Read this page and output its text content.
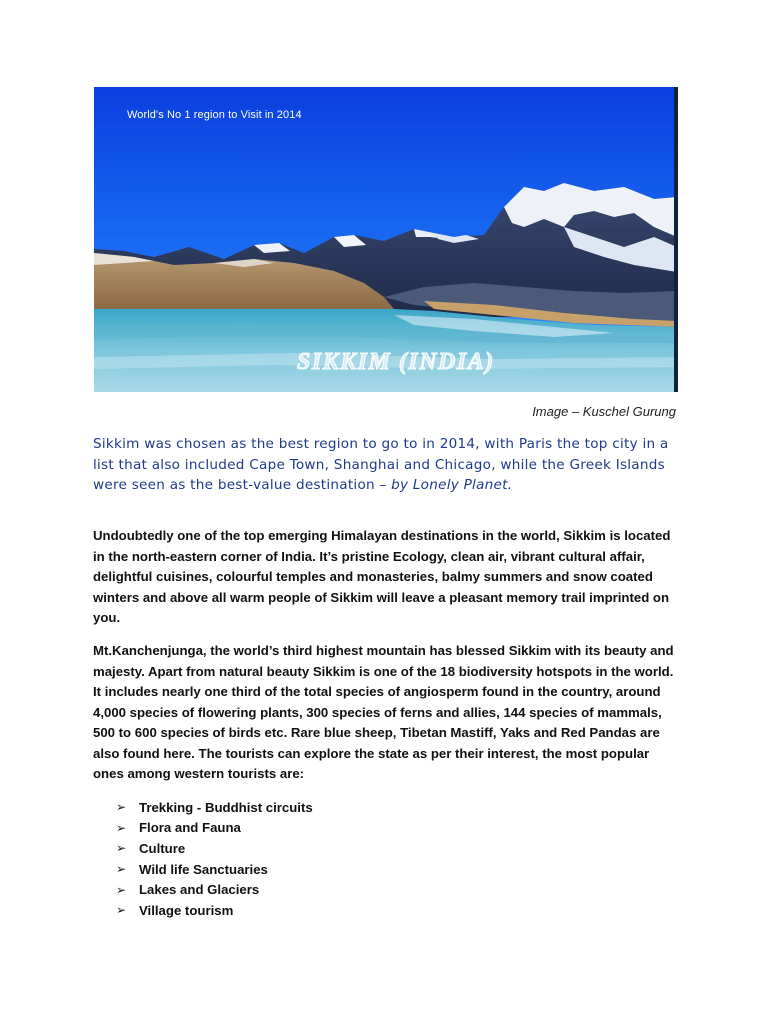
World's No 1 region to Visit in 2014
SIKKIM (INDIA)
Image – Kuschel Gurung
Sikkim was chosen as the best region to go to in 2014, with Paris the top city in a list that also included Cape Town, Shanghai and Chicago, while the Greek Islands were seen as the best-value destination – by Lonely Planet.
Undoubtedly one of the top emerging Himalayan destinations in the world, Sikkim is located in the north-eastern corner of India. It’s pristine Ecology, clean air, vibrant cultural affair, delightful cuisines, colourful temples and monasteries, balmy summers and snow coated winters and above all warm people of Sikkim will leave a pleasant memory trail imprinted on you.
Mt.Kanchenjunga, the world’s third highest mountain has blessed Sikkim with its beauty and majesty. Apart from natural beauty Sikkim is one of the 18 biodiversity hotspots in the world. It includes nearly one third of the total species of angiosperm found in the country, around 4,000 species of flowering plants, 300 species of ferns and allies, 144 species of mammals, 500 to 600 species of birds etc. Rare blue sheep, Tibetan Mastiff, Yaks and Red Pandas are also found here. The tourists can explore the state as per their interest, the most popular ones among western tourists are:
➢ Trekking - Buddhist circuits
➢ Flora and Fauna
➢ Culture
➢ Wild life Sanctuaries
➢ Lakes and Glaciers
➢ Village tourism
